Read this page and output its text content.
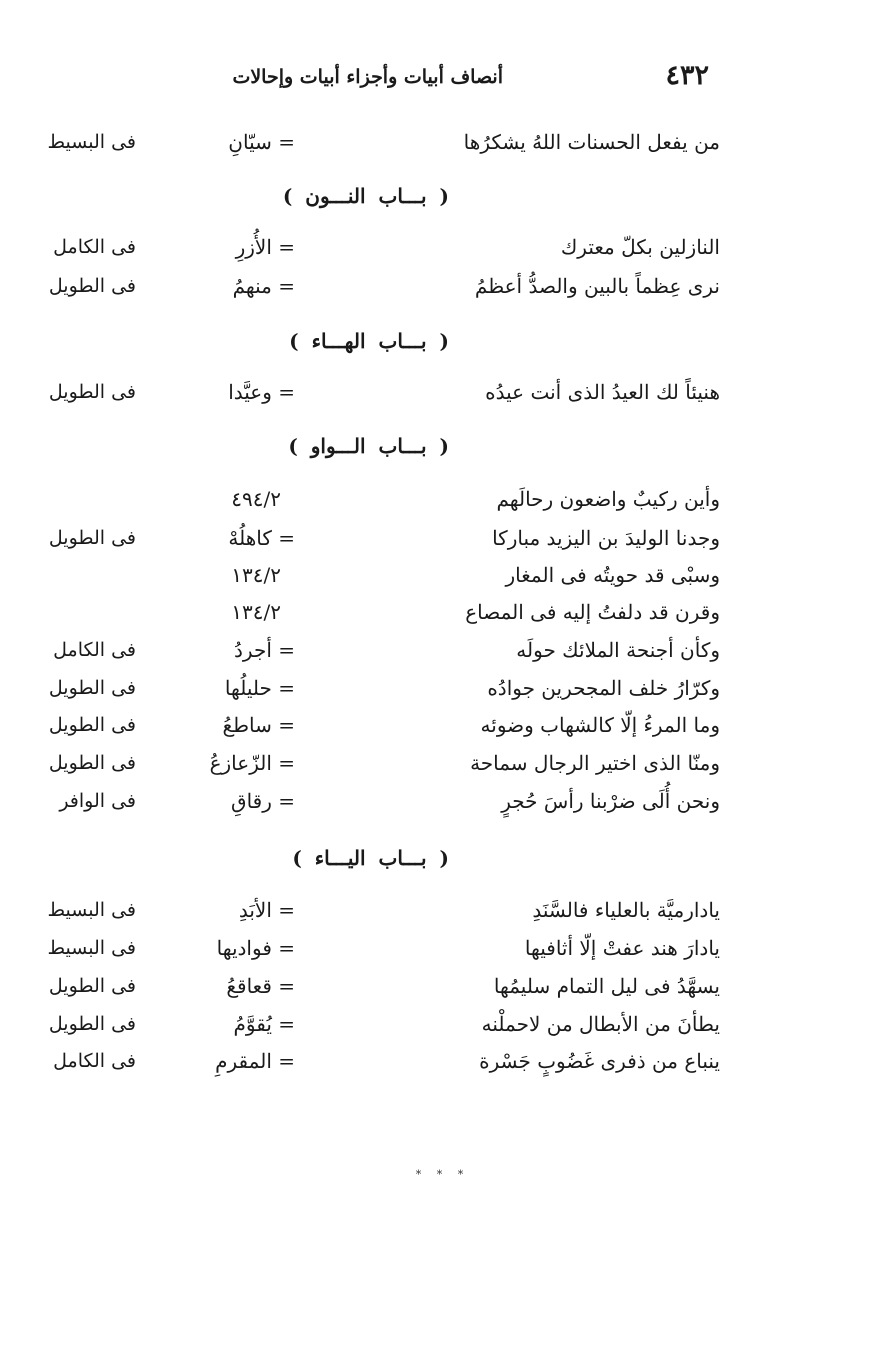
٤٣٢
أنصاف أبيات وأجزاء أبيات وإحالات
من يفعل الحسنات اللهُ يشكرُها
= سيّانِ
فى البسيط
( بـــاب النـــون )
النازلين بكلّ معترك
= الأُزرِ
فى الكامل
نرى عِظماً بالبين والصدُّ أعظمُ
= منهمُ
فى الطويل
( بـــاب الهـــاء )
هنيئاً لك العيدُ الذى أنت عيدُه
= وعيَّدا
فى الطويل
( بـــاب الـــواو )
وأين ركيبٌ واضعون رحالَهم
٤٩٤/٢
وجدنا الوليدَ بن اليزيد مباركا
= كاهلُهْ
فى الطويل
وسبْى قد حويتُه فى المغار
١٣٤/٢
وقرن قد دلفتُ إليه فى المصاع
١٣٤/٢
وكأن أجنحة الملائك حولَه
= أجردُ
فى الكامل
وكرّارُ خلف المجحرين جوادُه
= حليلُها
فى الطويل
وما المرءُ إلّا كالشهاب وضوئه
= ساطعُ
فى الطويل
ومنّا الذى اختير الرجال سماحة
= الزّعازعُ
فى الطويل
ونحن أُلَى ضرْبنا رأسَ حُجرٍ
= رقاقِ
فى الوافر
( بـــاب اليـــاء )
يادارميَّة بالعلياء فالسَّنَدِ
= الأبَدِ
فى البسيط
يادارَ هند عفتْ إلّا أثافيها
= فواديها
فى البسيط
يسهَّدُ فى ليل التمام سليمُها
= قعاقعُ
فى الطويل
يطأنَ من الأبطال من لاحملْنه
= يُقوَّمُ
فى الطويل
ينباع من ذفرى غَضُوبٍ جَسْرة
= المقرمِ
فى الكامل
* * *
